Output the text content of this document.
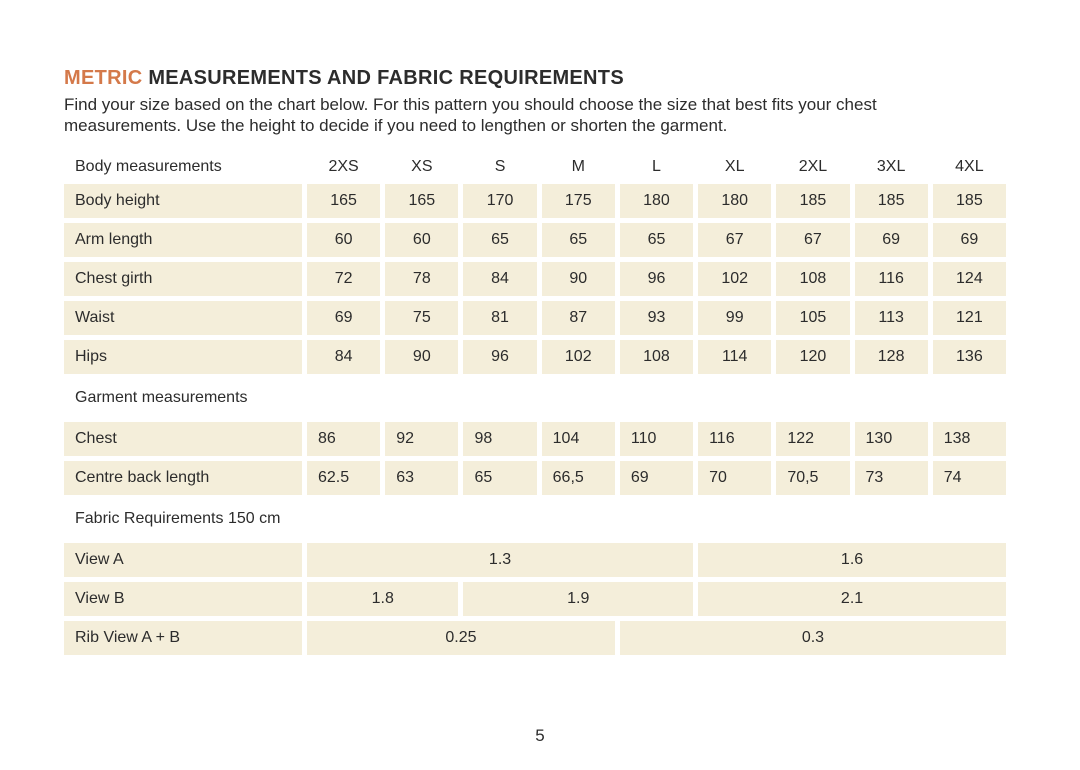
METRIC MEASUREMENTS AND FABRIC REQUIREMENTS

Find your size based on the chart below. For this pattern you should choose the size that best fits your chest measurements. Use the height to decide if you need to lengthen or shorten the garment.

Body measurements	2XS	XS	S	M	L	XL	2XL	3XL	4XL
Body height	165	165	170	175	180	180	185	185	185
Arm length	60	60	65	65	65	67	67	69	69
Chest girth	72	78	84	90	96	102	108	116	124
Waist	69	75	81	87	93	99	105	113	121
Hips	84	90	96	102	108	114	120	128	136
Garment measurements									
Chest	86	92	98	104	110	116	122	130	138
Centre back length	62.5	63	65	66,5	69	70	70,5	73	74
Fabric Requirements 150 cm									
View A	1.3					1.6			
View B	1.8		1.9			2.1			
Rib View A + B	0.25				0.3				
5
